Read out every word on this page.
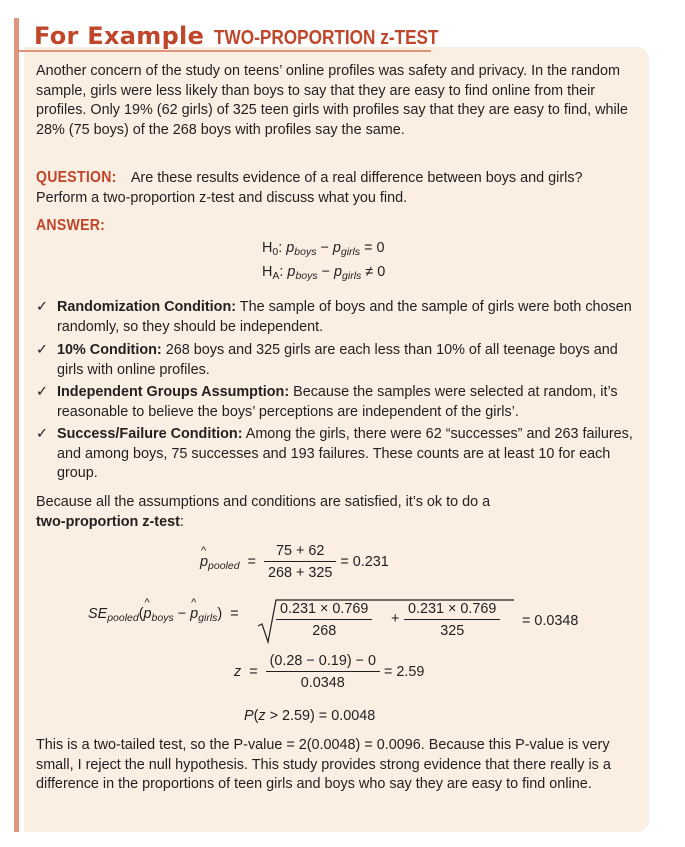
For Example TWO-PROPORTION z-TEST
Another concern of the study on teens’ online profiles was safety and privacy. In the random sample, girls were less likely than boys to say that they are easy to find online from their profiles. Only 19% (62 girls) of 325 teen girls with profiles say that they are easy to find, while 28% (75 boys) of the 268 boys with profiles say the same.
QUESTION: Are these results evidence of a real difference between boys and girls? Perform a two-proportion z-test and discuss what you find.
ANSWER:
$H_0$: $p_{boys} - p_{girls} = 0$
$H_A$: $p_{boys} - p_{girls} \ne 0$
✓ Randomization Condition: The sample of boys and the sample of girls were both chosen randomly, so they should be independent.
✓ 10% Condition: 268 boys and 325 girls are each less than 10% of all teenage boys and girls with online profiles.
✓ Independent Groups Assumption: Because the samples were selected at random, it’s reasonable to believe the boys’ perceptions are independent of the girls’.
✓ Success/Failure Condition: Among the girls, there were 62 “successes” and 263 failures, and among boys, 75 successes and 193 failures. These counts are at least 10 for each group.
Because all the assumptions and conditions are satisfied, it’s ok to do a
two-proportion z-test:
^ $p_{pooled} = \frac{75 + 62}{268 + 325} = 0.231$
$SE_{pooled}(\^{}$ $p_{boys}$ − ^ $p_{girls}$) =	$\frac{0.231 \times 0.769}{268} + \frac{0.231 \times 0.769}{325} = 0.0348$
$z = \frac{(0.28 - 0.19) - 0}{0.0348} = 2.59$
P(z > 2.59) = 0.0048
This is a two-tailed test, so the P-value = 2(0.0048) = 0.0096. Because this P-value is very small, I reject the null hypothesis. This study provides strong evidence that there really is a difference in the proportions of teen girls and boys who say they are easy to find online.
